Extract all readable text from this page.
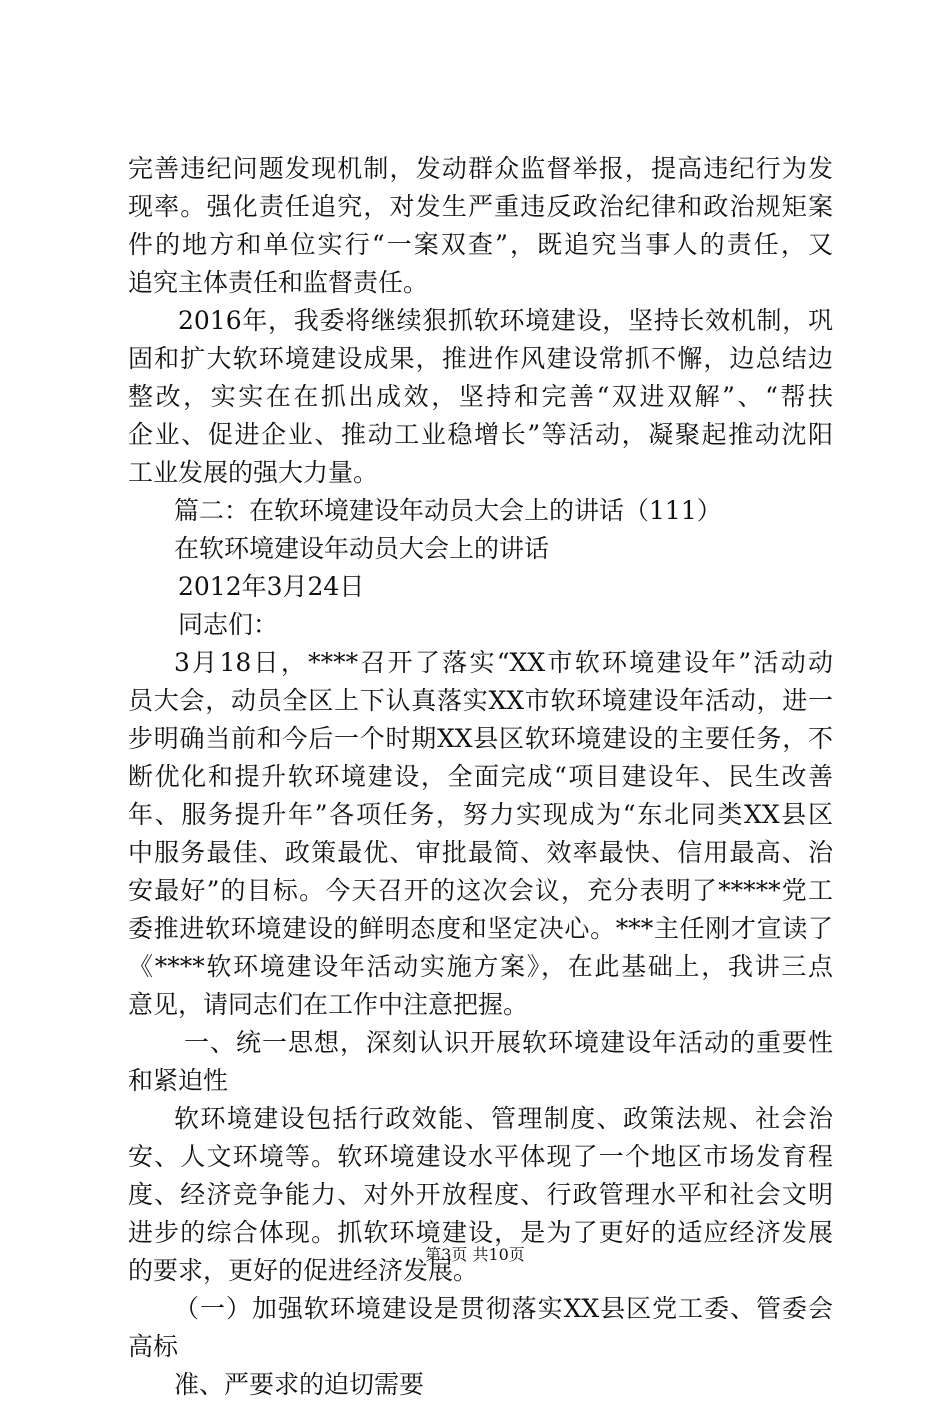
完善违纪问题发现机制，发动群众监督举报，提高违纪行为发
现率。强化责任追究，对发生严重违反政治纪律和政治规矩案
件的地方和单位实行“一案双查”，既追究当事人的责任，又
追究主体责任和监督责任。
2016年，我委将继续狠抓软环境建设，坚持长效机制，巩
固和扩大软环境建设成果，推进作风建设常抓不懈，边总结边
整改，实实在在抓出成效，坚持和完善“双进双解”、“帮扶
企业、促进企业、推动工业稳增长”等活动，凝聚起推动沈阳
工业发展的强大力量。
篇二：在软环境建设年动员大会上的讲话（111）
在软环境建设年动员大会上的讲话
2012年3月24日
同志们：
3月18日，****召开了落实“XX市软环境建设年”活动动
员大会，动员全区上下认真落实XX市软环境建设年活动，进一
步明确当前和今后一个时期XX县区软环境建设的主要任务，不
断优化和提升软环境建设，全面完成“项目建设年、民生改善
年、服务提升年”各项任务，努力实现成为“东北同类XX县区
中服务最佳、政策最优、审批最简、效率最快、信用最高、治
安最好”的目标。今天召开的这次会议，充分表明了*****党工
委推进软环境建设的鲜明态度和坚定决心。***主任刚才宣读了
《****软环境建设年活动实施方案》，在此基础上，我讲三点
意见，请同志们在工作中注意把握。
一、统一思想，深刻认识开展软环境建设年活动的重要性
和紧迫性
软环境建设包括行政效能、管理制度、政策法规、社会治
安、人文环境等。软环境建设水平体现了一个地区市场发育程
度、经济竞争能力、对外开放程度、行政管理水平和社会文明
进步的综合体现。抓软环境建设，是为了更好的适应经济发展
的要求，更好的促进经济发展。
（一）加强软环境建设是贯彻落实XX县区党工委、管委会
高标
准、严要求的迫切需要
第3页 共10页
